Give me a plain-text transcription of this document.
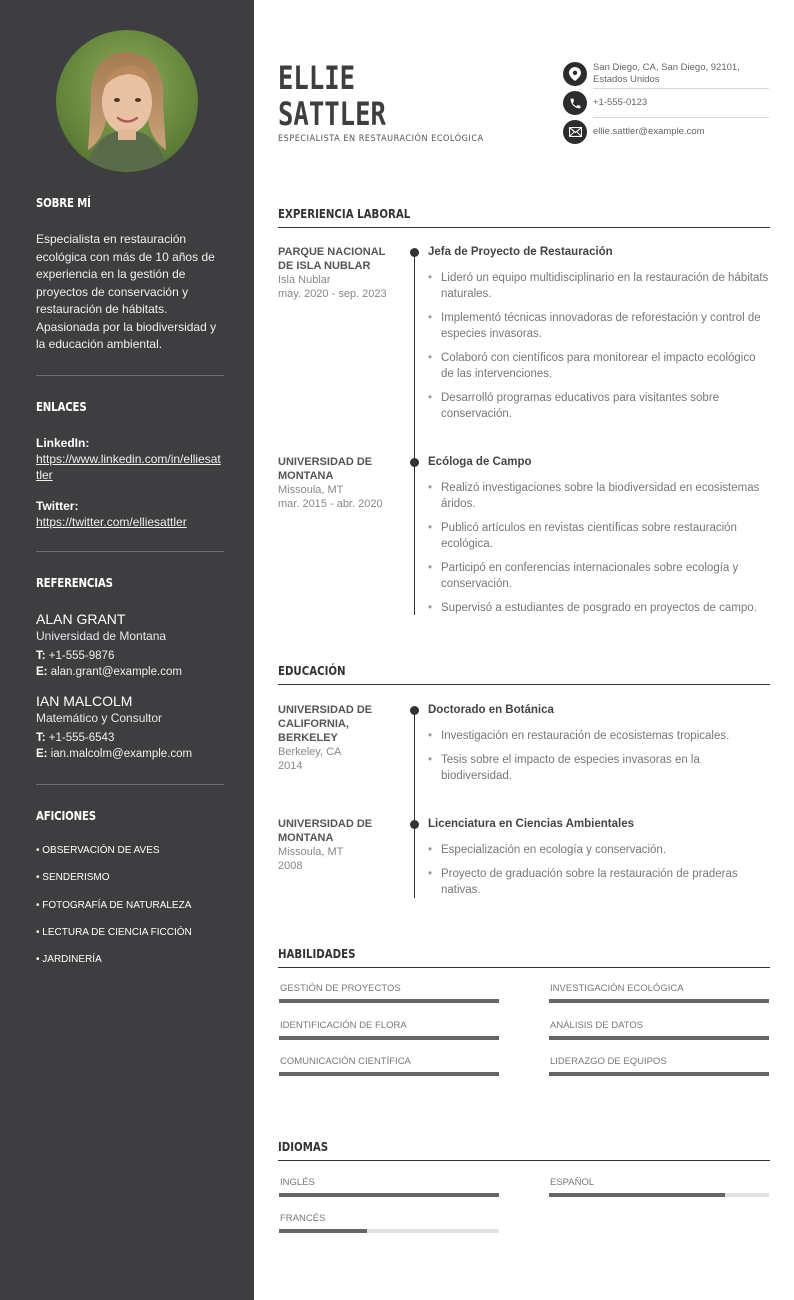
SOBRE MÍ
Especialista en restauración ecológica con más de 10 años de experiencia en la gestión de proyectos de conservación y restauración de hábitats. Apasionada por la biodiversidad y la educación ambiental.
ENLACES
LinkedIn:
https://www.linkedin.com/in/elliesattler
Twitter:
https://twitter.com/elliesattler
REFERENCIAS
ALAN GRANT
Universidad de Montana
T: +1-555-9876
E: alan.grant@example.com
IAN MALCOLM
Matemático y Consultor
T: +1-555-6543
E: ian.malcolm@example.com
AFICIONES
• OBSERVACIÓN DE AVES
• SENDERISMO
• FOTOGRAFÍA DE NATURALEZA
• LECTURA DE CIENCIA FICCIÓN
• JARDINERÍA
ELLIE
SATTLER
ESPECIALISTA EN RESTAURACIÓN ECOLÓGICA
San Diego, CA, San Diego, 92101, Estados Unidos
+1-555-0123
ellie.sattler@example.com
EXPERIENCIA LABORAL
PARQUE NACIONAL DE ISLA NUBLAR
Isla Nublar
may. 2020 - sep. 2023
Jefa de Proyecto de Restauración
• Lideró un equipo multidisciplinario en la restauración de hábitats naturales.
• Implementó técnicas innovadoras de reforestación y control de especies invasoras.
• Colaboró con científicos para monitorear el impacto ecológico de las intervenciones.
• Desarrolló programas educativos para visitantes sobre conservación.
UNIVERSIDAD DE MONTANA
Missoula, MT
mar. 2015 - abr. 2020
Ecóloga de Campo
• Realizó investigaciones sobre la biodiversidad en ecosistemas áridos.
• Publicó artículos en revistas científicas sobre restauración ecológica.
• Participó en conferencias internacionales sobre ecología y conservación.
• Supervisó a estudiantes de posgrado en proyectos de campo.
EDUCACIÓN
UNIVERSIDAD DE CALIFORNIA, BERKELEY
Berkeley, CA
2014
Doctorado en Botánica
• Investigación en restauración de ecosistemas tropicales.
• Tesis sobre el impacto de especies invasoras en la biodiversidad.
UNIVERSIDAD DE MONTANA
Missoula, MT
2008
Licenciatura en Ciencias Ambientales
• Especialización en ecología y conservación.
• Proyecto de graduación sobre la restauración de praderas nativas.
HABILIDADES
GESTIÓN DE PROYECTOS	INVESTIGACIÓN ECOLÓGICA
IDENTIFICACIÓN DE FLORA	ANÁLISIS DE DATOS
COMUNICACIÓN CIENTÍFICA	LIDERAZGO DE EQUIPOS
IDIOMAS
INGLÉS	ESPAÑOL
FRANCÉS
